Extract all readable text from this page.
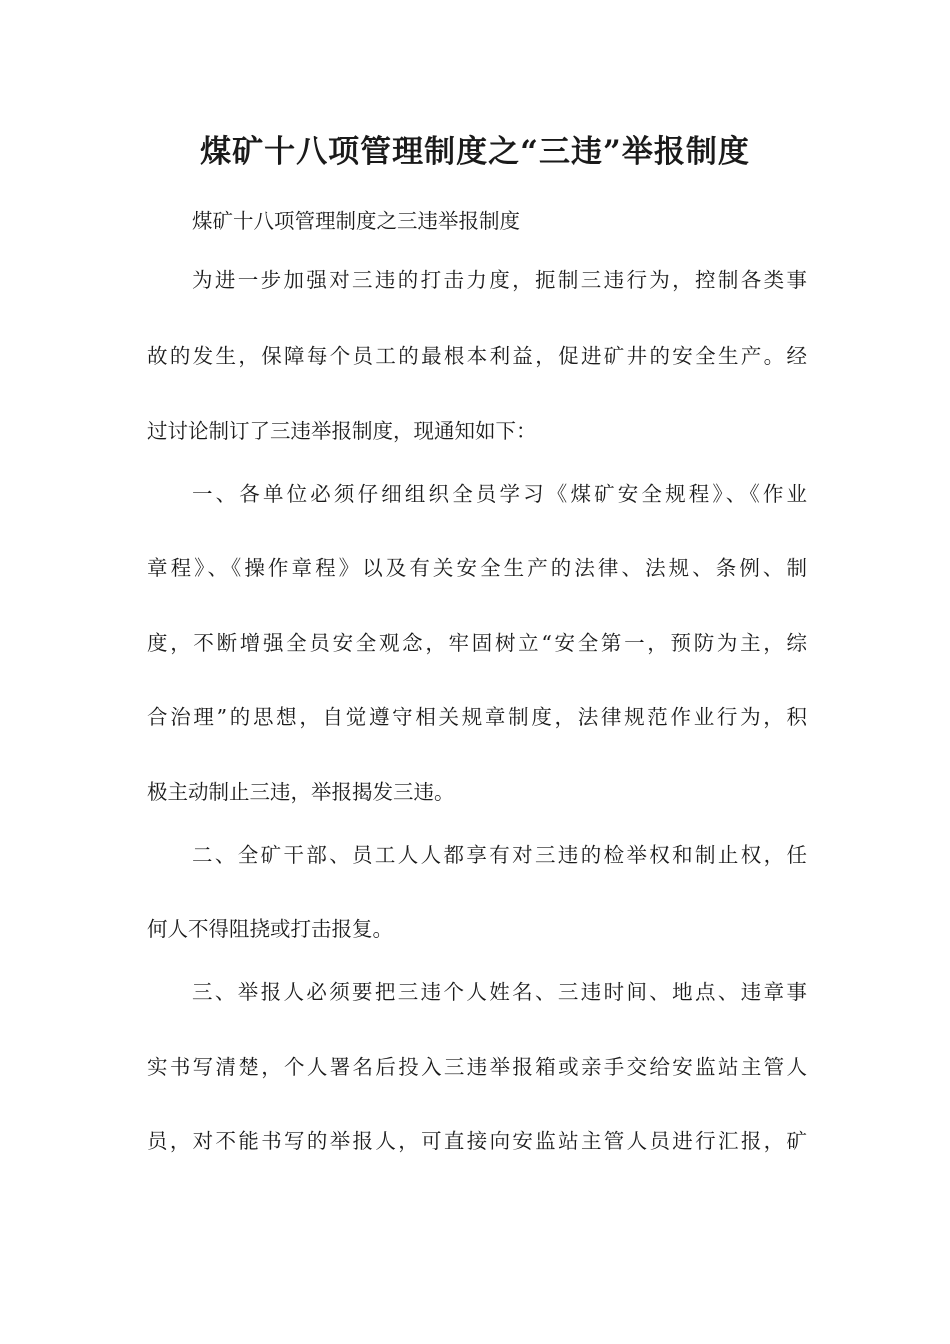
煤矿十八项管理制度之“三违”举报制度
煤矿十八项管理制度之三违举报制度
为进一步加强对三违的打击力度，扼制三违行为，控制各类事
故的发生，保障每个员工的最根本利益，促进矿井的安全生产。经
过讨论制订了三违举报制度，现通知如下：
一、各单位必须仔细组织全员学习《煤矿安全规程》、《作业
章程》、《操作章程》以及有关安全生产的法律、法规、条例、制
度，不断增强全员安全观念，牢固树立“安全第一，预防为主，综
合治理”的思想，自觉遵守相关规章制度，法律规范作业行为，积
极主动制止三违，举报揭发三违。
二、全矿干部、员工人人都享有对三违的检举权和制止权，任
何人不得阻挠或打击报复。
三、举报人必须要把三违个人姓名、三违时间、地点、违章事
实书写清楚，个人署名后投入三违举报箱或亲手交给安监站主管人
员，对不能书写的举报人，可直接向安监站主管人员进行汇报，矿
